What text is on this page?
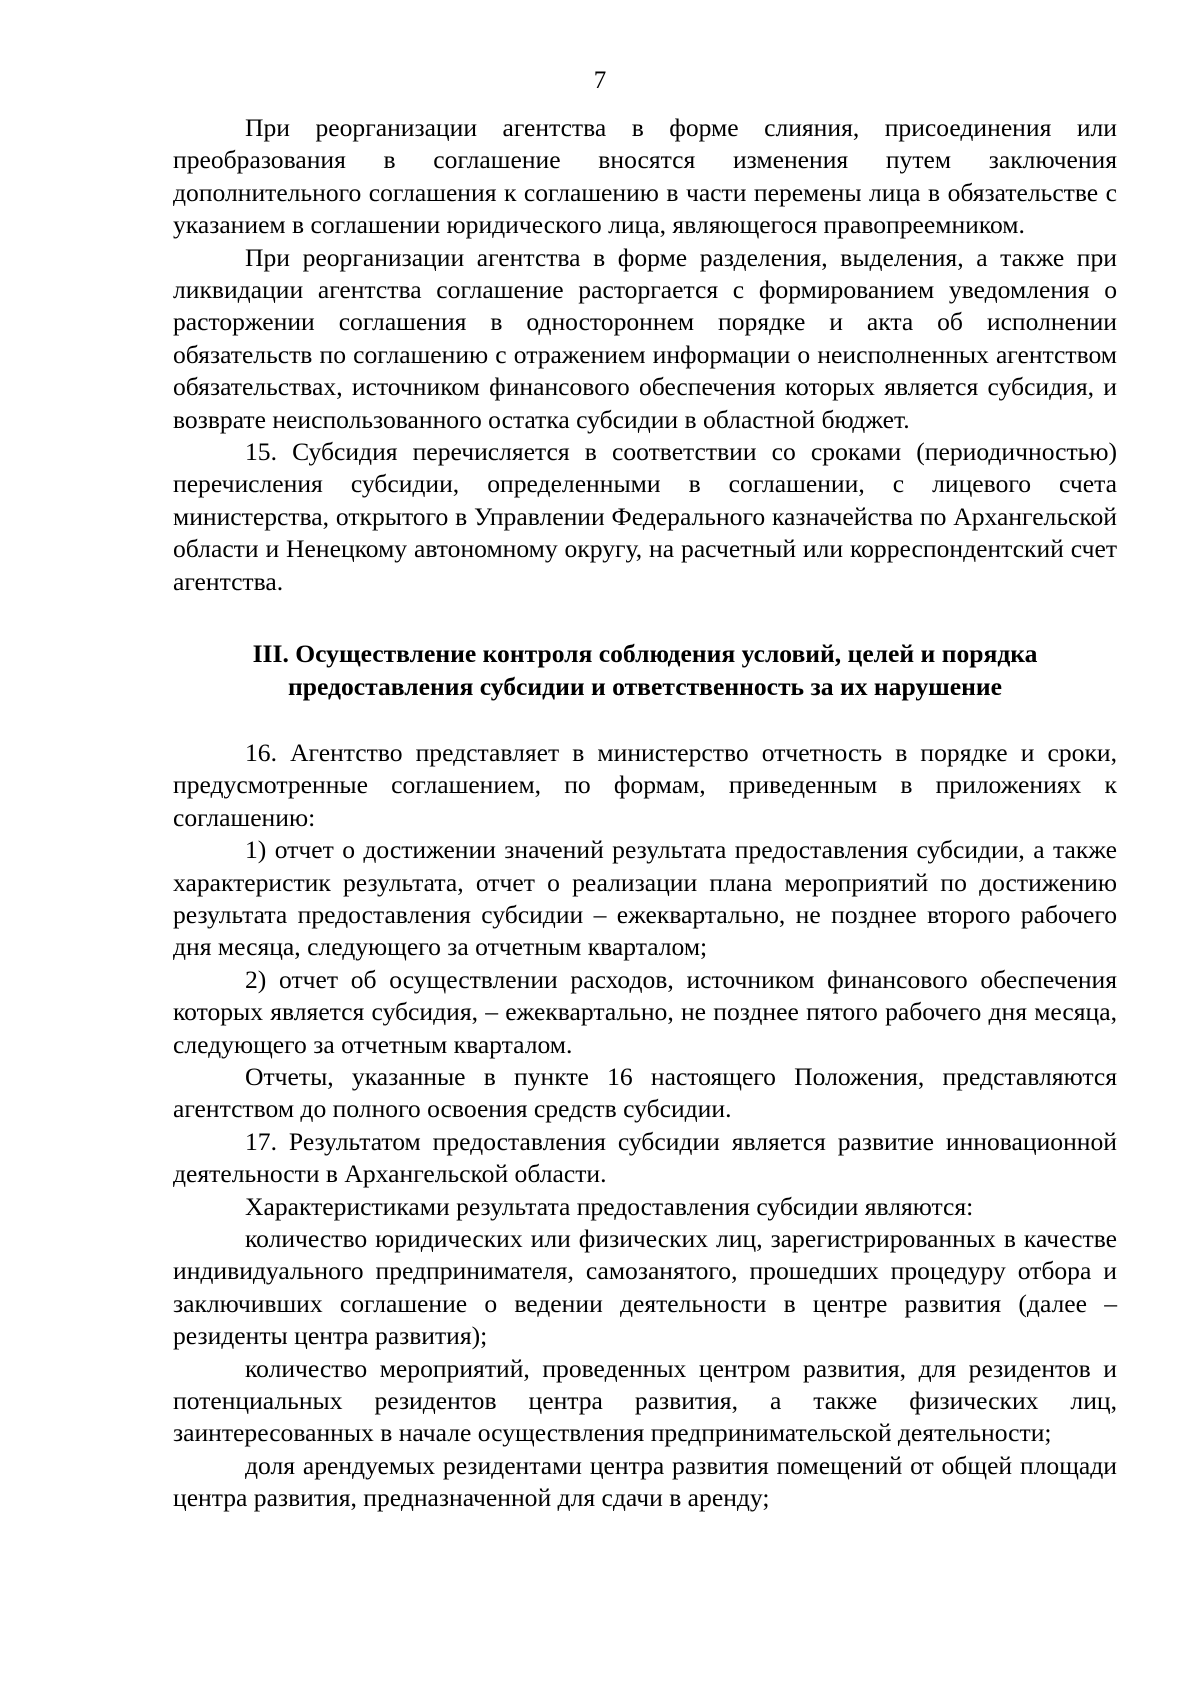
7

При реорганизации агентства в форме слияния, присоединения или преобразования в соглашение вносятся изменения путем заключения дополнительного соглашения к соглашению в части перемены лица в обязательстве с указанием в соглашении юридического лица, являющегося правопреемником.

При реорганизации агентства в форме разделения, выделения, а также при ликвидации агентства соглашение расторгается с формированием уведомления о расторжении соглашения в одностороннем порядке и акта об исполнении обязательств по соглашению с отражением информации о неисполненных агентством обязательствах, источником финансового обеспечения которых является субсидия, и возврате неиспользованного остатка субсидии в областной бюджет.

15. Субсидия перечисляется в соответствии со сроками (периодичностью) перечисления субсидии, определенными в соглашении, с лицевого счета министерства, открытого в Управлении Федерального казначейства по Архангельской области и Ненецкому автономному округу, на расчетный или корреспондентский счет агентства.

III. Осуществление контроля соблюдения условий, целей и порядка
предоставления субсидии и ответственность за их нарушение

16. Агентство представляет в министерство отчетность в порядке и сроки, предусмотренные соглашением, по формам, приведенным в приложениях к соглашению:

1) отчет о достижении значений результата предоставления субсидии, а также характеристик результата, отчет о реализации плана мероприятий по достижению результата предоставления субсидии – ежеквартально, не позднее второго рабочего дня месяца, следующего за отчетным кварталом;

2) отчет об осуществлении расходов, источником финансового обеспечения которых является субсидия, – ежеквартально, не позднее пятого рабочего дня месяца, следующего за отчетным кварталом.

Отчеты, указанные в пункте 16 настоящего Положения, представляются агентством до полного освоения средств субсидии.

17. Результатом предоставления субсидии является развитие инновационной деятельности в Архангельской области.

Характеристиками результата предоставления субсидии являются:

количество юридических или физических лиц, зарегистрированных в качестве индивидуального предпринимателя, самозанятого, прошедших процедуру отбора и заключивших соглашение о ведении деятельности в центре развития (далее – резиденты центра развития);

количество мероприятий, проведенных центром развития, для резидентов и потенциальных резидентов центра развития, а также физических лиц, заинтересованных в начале осуществления предпринимательской деятельности;

доля арендуемых резидентами центра развития помещений от общей площади центра развития, предназначенной для сдачи в аренду;
